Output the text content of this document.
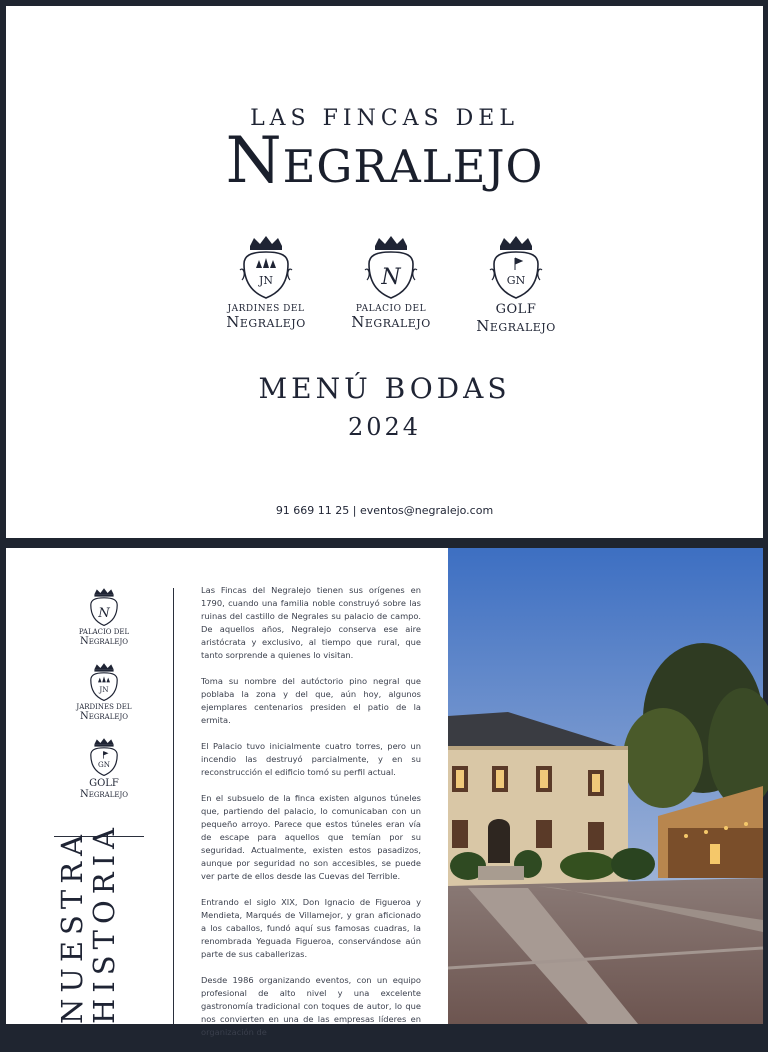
LAS FINCAS DEL
Negralejo
JN
JARDINES DEL
Negralejo
N
PALACIO DEL
Negralejo
GN
GOLF
Negralejo
MENÚ BODAS
2024
91 669 11 25 | eventos@negralejo.com
N
PALACIO DEL
Negralejo
JN
JARDINES DEL
Negralejo
GN
GOLF
Negralejo
NUESTRA
HISTORIA

Las Fincas del Negralejo tienen sus orígenes en 1790, cuando una familia noble construyó sobre las ruinas del castillo de Negrales su palacio de campo. De aquellos años, Negralejo conserva ese aire aristócrata y exclusivo, al tiempo que rural, que tanto sorprende a quienes lo visitan.

Toma su nombre del autóctorio pino negral que poblaba la zona y del que, aún hoy, algunos ejemplares centenarios presiden el patio de la ermita.

El Palacio tuvo inicialmente cuatro torres, pero un incendio las destruyó parcialmente, y en su reconstrucción el edificio tomó su perfil actual.

En el subsuelo de la finca existen algunos túneles que, partiendo del palacio, lo comunicaban con un pequeño arroyo. Parece que estos túneles eran vía de escape para aquellos que temían por su seguridad. Actualmente, existen estos pasadizos, aunque por seguridad no son accesibles, se puede ver parte de ellos desde las Cuevas del Terrible.

Entrando el siglo XIX, Don Ignacio de Figueroa y Mendieta, Marqués de Villamejor, y gran aficionado a los caballos, fundó aquí sus famosas cuadras, la renombrada Yeguada Figueroa, conservándose aún parte de sus caballerizas.

Desde 1986 organizando eventos, con un equipo profesional de alto nivel y una excelente gastronomía tradicional con toques de autor, lo que nos convierten en una de las empresas líderes en organización de
